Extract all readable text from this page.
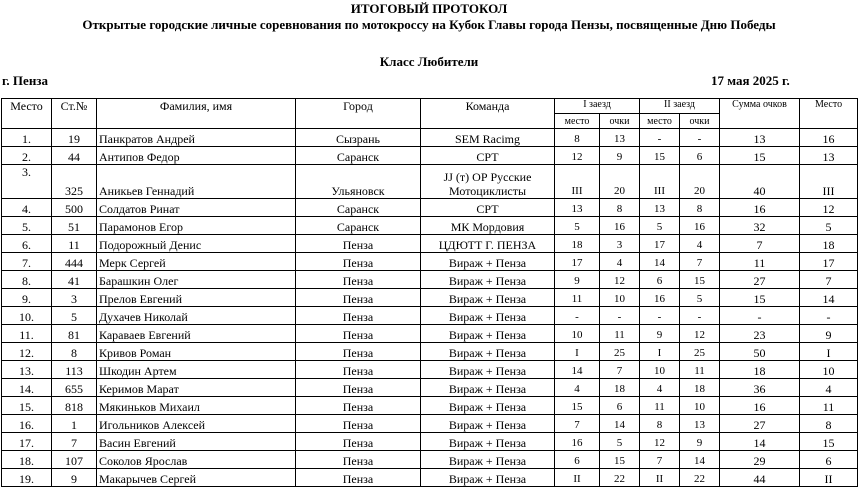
ИТОГОВЫЙ ПРОТОКОЛ
Открытые городские личные соревнования по мотокроссу на Кубок Главы города Пензы, посвященные Дню Победы
Класс Любители
г. Пенза	17 мая 2025 г.
Место	Ст.№	Фамилия, имя	Город	Команда	I заезд		II заезд		Сумма очков	Место
					место	очки	место	очки		
1.	19	Панкратов Андрей	Сызрань	SEM Racimg	8	13	-	-	13	16
2.	44	Антипов Федор	Саранск	СРТ	12	9	15	6	15	13
3.	325	Аникьев Геннадий	Ульяновск	JJ (т) ОР Русские Мотоциклисты	III	20	III	20	40	III
4.	500	Солдатов Ринат	Саранск	СРТ	13	8	13	8	16	12
5.	51	Парамонов Егор	Саранск	МК Мордовия	5	16	5	16	32	5
6.	11	Подорожный Денис	Пенза	ЦДЮТТ Г. ПЕНЗА	18	3	17	4	7	18
7.	444	Мерк Сергей	Пенза	Вираж + Пенза	17	4	14	7	11	17
8.	41	Барашкин Олег	Пенза	Вираж + Пенза	9	12	6	15	27	7
9.	3	Прелов Евгений	Пенза	Вираж + Пенза	11	10	16	5	15	14
10.	5	Духачев Николай	Пенза	Вираж + Пенза	-	-	-	-	-	-
11.	81	Караваев Евгений	Пенза	Вираж + Пенза	10	11	9	12	23	9
12.	8	Кривов Роман	Пенза	Вираж + Пенза	I	25	I	25	50	I
13.	113	Шкодин Артем	Пенза	Вираж + Пенза	14	7	10	11	18	10
14.	655	Керимов Марат	Пенза	Вираж + Пенза	4	18	4	18	36	4
15.	818	Мякиньков Михаил	Пенза	Вираж + Пенза	15	6	11	10	16	11
16.	1	Игольников Алексей	Пенза	Вираж + Пенза	7	14	8	13	27	8
17.	7	Васин Евгений	Пенза	Вираж + Пенза	16	5	12	9	14	15
18.	107	Соколов Ярослав	Пенза	Вираж + Пенза	6	15	7	14	29	6
19.	9	Макарычев Сергей	Пенза	Вираж + Пенза	II	22	II	22	44	II
